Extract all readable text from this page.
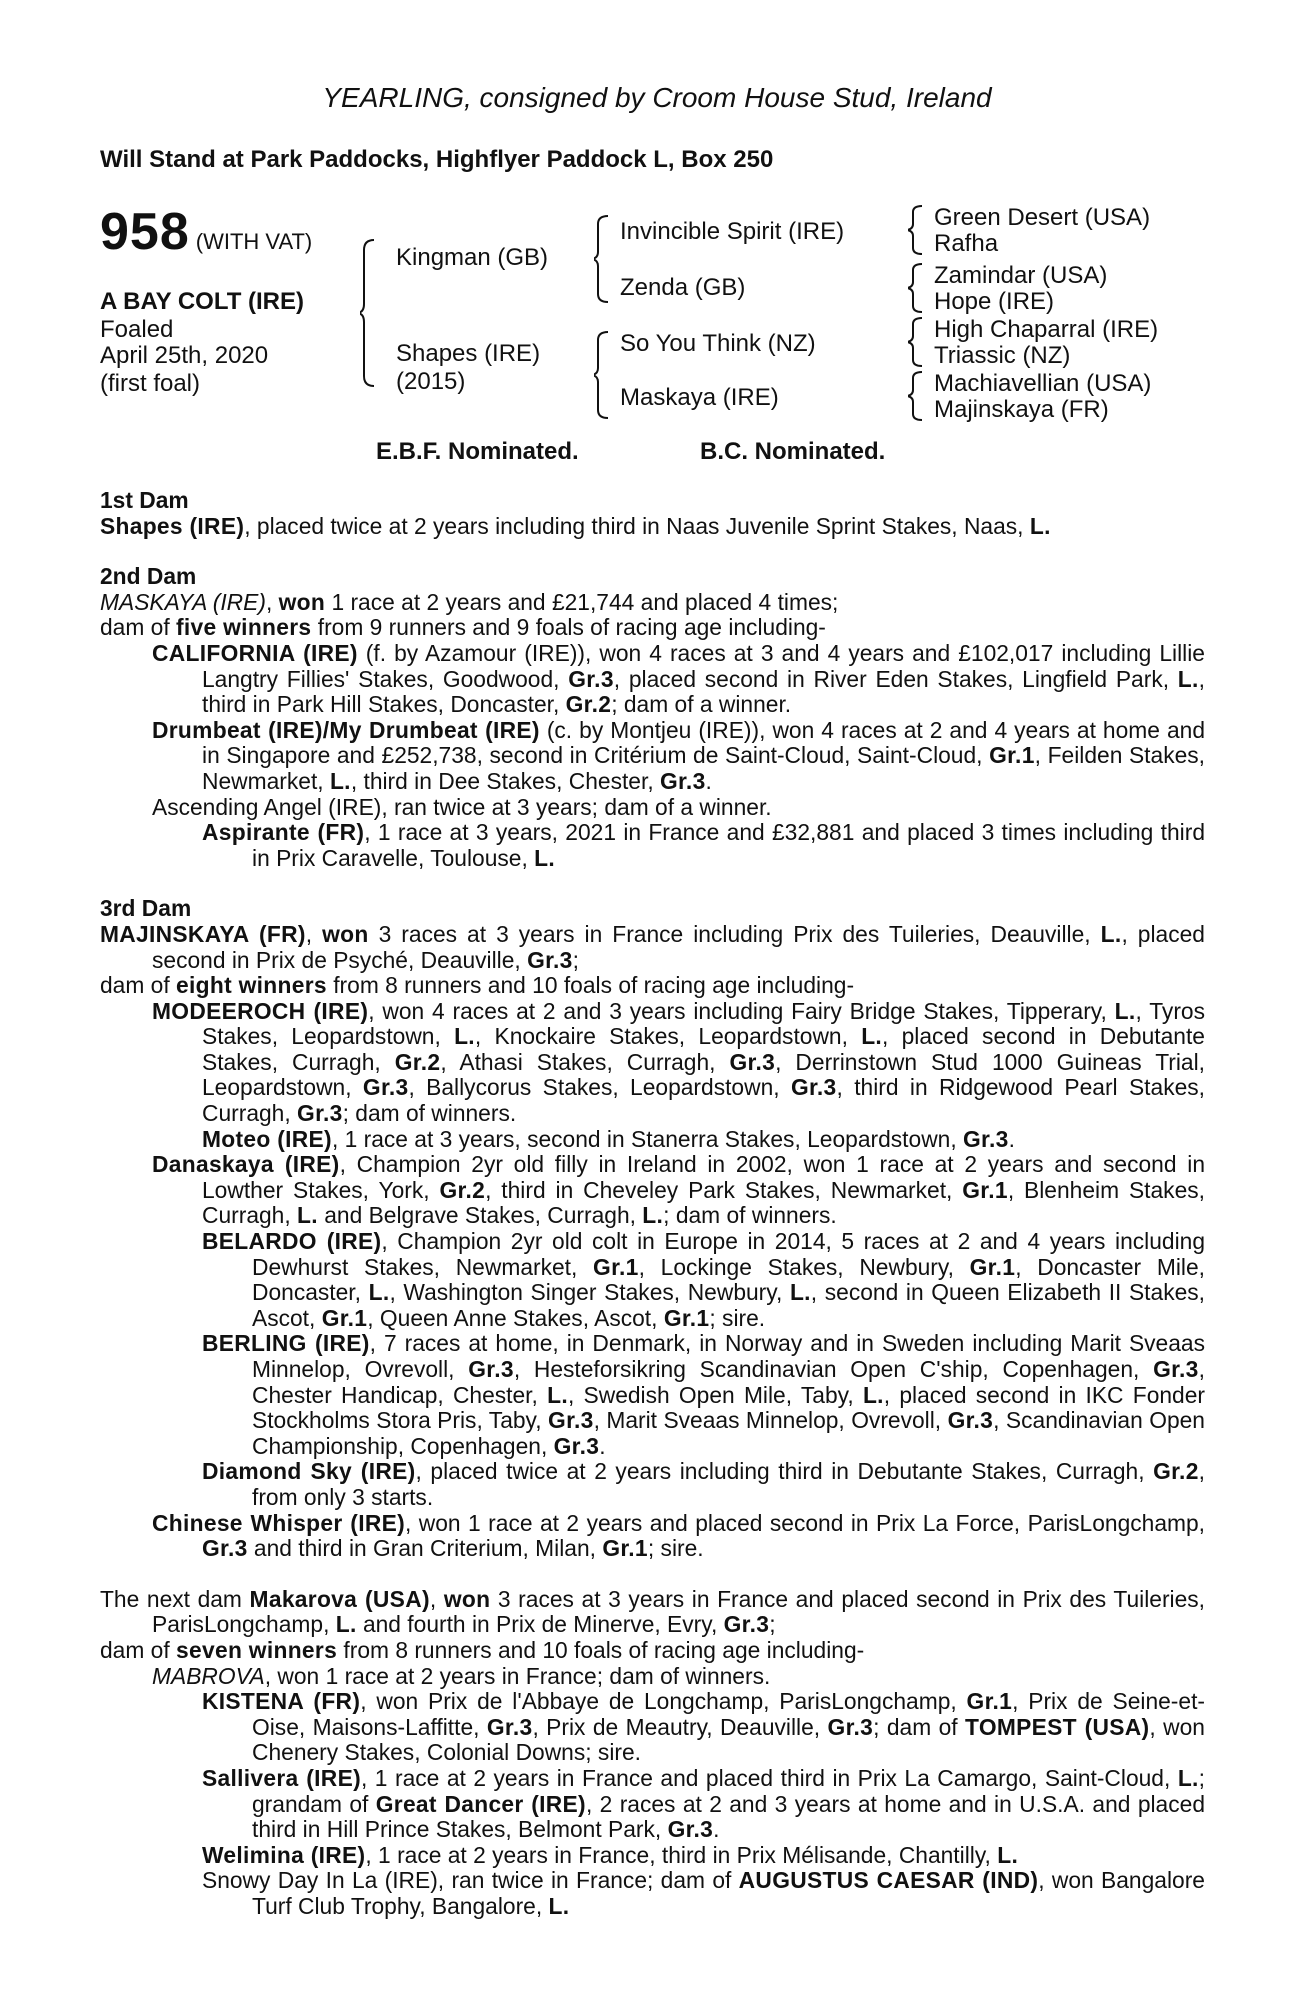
YEARLING, consigned by Croom House Stud, Ireland
Will Stand at Park Paddocks, Highflyer Paddock L, Box 250
958 (WITH VAT)
A BAY COLT (IRE)
Foaled
April 25th, 2020
(first foal)
Kingman (GB)
Shapes (IRE)
(2015)
Invincible Spirit (IRE)
Zenda (GB)
So You Think (NZ)
Maskaya (IRE)
Green Desert (USA)
Rafha
Zamindar (USA)
Hope (IRE)
High Chaparral (IRE)
Triassic (NZ)
Machiavellian (USA)
Majinskaya (FR)
E.B.F. Nominated.	B.C. Nominated.
1st Dam
Shapes (IRE), placed twice at 2 years including third in Naas Juvenile Sprint Stakes, Naas, L.
2nd Dam
MASKAYA (IRE), won 1 race at 2 years and £21,744 and placed 4 times;
dam of five winners from 9 runners and 9 foals of racing age including-
CALIFORNIA (IRE) (f. by Azamour (IRE)), won 4 races at 3 and 4 years and £102,017 including Lillie Langtry Fillies' Stakes, Goodwood, Gr.3, placed second in River Eden Stakes, Lingfield Park, L., third in Park Hill Stakes, Doncaster, Gr.2; dam of a winner.
Drumbeat (IRE)/My Drumbeat (IRE) (c. by Montjeu (IRE)), won 4 races at 2 and 4 years at home and in Singapore and £252,738, second in Critérium de Saint-Cloud, Saint-Cloud, Gr.1, Feilden Stakes, Newmarket, L., third in Dee Stakes, Chester, Gr.3.
Ascending Angel (IRE), ran twice at 3 years; dam of a winner.
Aspirante (FR), 1 race at 3 years, 2021 in France and £32,881 and placed 3 times including third in Prix Caravelle, Toulouse, L.
3rd Dam
MAJINSKAYA (FR), won 3 races at 3 years in France including Prix des Tuileries, Deauville, L., placed second in Prix de Psyché, Deauville, Gr.3;
dam of eight winners from 8 runners and 10 foals of racing age including-
MODEEROCH (IRE), won 4 races at 2 and 3 years including Fairy Bridge Stakes, Tipperary, L., Tyros Stakes, Leopardstown, L., Knockaire Stakes, Leopardstown, L., placed second in Debutante Stakes, Curragh, Gr.2, Athasi Stakes, Curragh, Gr.3, Derrinstown Stud 1000 Guineas Trial, Leopardstown, Gr.3, Ballycorus Stakes, Leopardstown, Gr.3, third in Ridgewood Pearl Stakes, Curragh, Gr.3; dam of winners.
Moteo (IRE), 1 race at 3 years, second in Stanerra Stakes, Leopardstown, Gr.3.
Danaskaya (IRE), Champion 2yr old filly in Ireland in 2002, won 1 race at 2 years and second in Lowther Stakes, York, Gr.2, third in Cheveley Park Stakes, Newmarket, Gr.1, Blenheim Stakes, Curragh, L. and Belgrave Stakes, Curragh, L.; dam of winners.
BELARDO (IRE), Champion 2yr old colt in Europe in 2014, 5 races at 2 and 4 years including Dewhurst Stakes, Newmarket, Gr.1, Lockinge Stakes, Newbury, Gr.1, Doncaster Mile, Doncaster, L., Washington Singer Stakes, Newbury, L., second in Queen Elizabeth II Stakes, Ascot, Gr.1, Queen Anne Stakes, Ascot, Gr.1; sire.
BERLING (IRE), 7 races at home, in Denmark, in Norway and in Sweden including Marit Sveaas Minnelop, Ovrevoll, Gr.3, Hesteforsikring Scandinavian Open C'ship, Copenhagen, Gr.3, Chester Handicap, Chester, L., Swedish Open Mile, Taby, L., placed second in IKC Fonder Stockholms Stora Pris, Taby, Gr.3, Marit Sveaas Minnelop, Ovrevoll, Gr.3, Scandinavian Open Championship, Copenhagen, Gr.3.
Diamond Sky (IRE), placed twice at 2 years including third in Debutante Stakes, Curragh, Gr.2, from only 3 starts.
Chinese Whisper (IRE), won 1 race at 2 years and placed second in Prix La Force, ParisLongchamp, Gr.3 and third in Gran Criterium, Milan, Gr.1; sire.
The next dam Makarova (USA), won 3 races at 3 years in France and placed second in Prix des Tuileries, ParisLongchamp, L. and fourth in Prix de Minerve, Evry, Gr.3;
dam of seven winners from 8 runners and 10 foals of racing age including-
MABROVA, won 1 race at 2 years in France; dam of winners.
KISTENA (FR), won Prix de l'Abbaye de Longchamp, ParisLongchamp, Gr.1, Prix de Seine-et-Oise, Maisons-Laffitte, Gr.3, Prix de Meautry, Deauville, Gr.3; dam of TOMPEST (USA), won Chenery Stakes, Colonial Downs; sire.
Sallivera (IRE), 1 race at 2 years in France and placed third in Prix La Camargo, Saint-Cloud, L.; grandam of Great Dancer (IRE), 2 races at 2 and 3 years at home and in U.S.A. and placed third in Hill Prince Stakes, Belmont Park, Gr.3.
Welimina (IRE), 1 race at 2 years in France, third in Prix Mélisande, Chantilly, L.
Snowy Day In La (IRE), ran twice in France; dam of AUGUSTUS CAESAR (IND), won Bangalore Turf Club Trophy, Bangalore, L.
